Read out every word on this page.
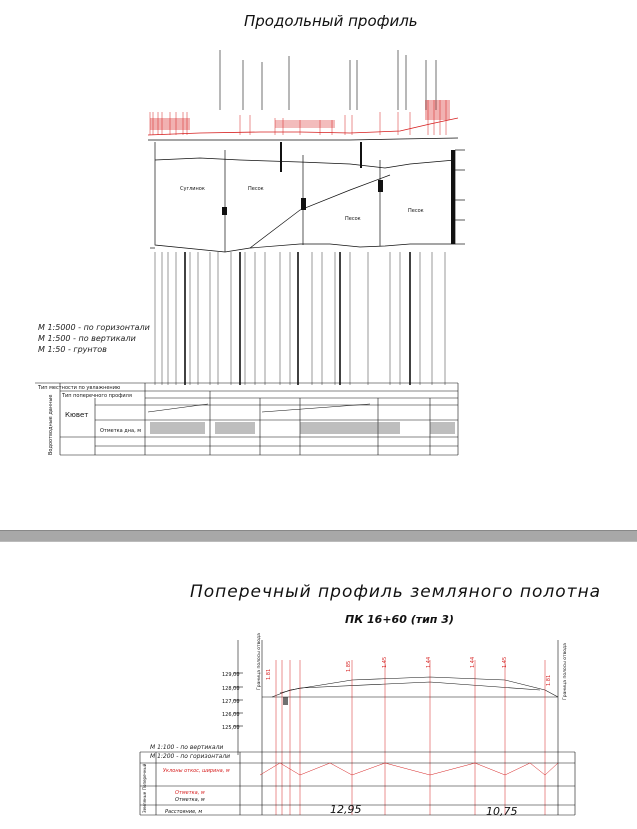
Продольный профиль
Суглинок	Песок
Песок
Песок
Тип местности по увлажнению
Тип поперечного профиля
Кювет
Отметка дна, м
Водоотводные данные
М 1:5000 - по горизонтали
М 1:500 - по вертикали
М 1:50 - грунтов
Поперечный профиль земляного полотна
ПК 16+60 (тип 3)
129,00
128,00
127,00
126,00
125,00
1.81
1.85	1.45	1.44	1.44	1.45
1.81
Граница полосы отвода	Граница полосы отвода
Уклоны откос, ширина, м
Отметка, м
Отметка, м
Расстояние, м	12,95	10,75
Поперечный
Земляные
М 1:100 - по вертикали
М 1:200 - по горизонтали
